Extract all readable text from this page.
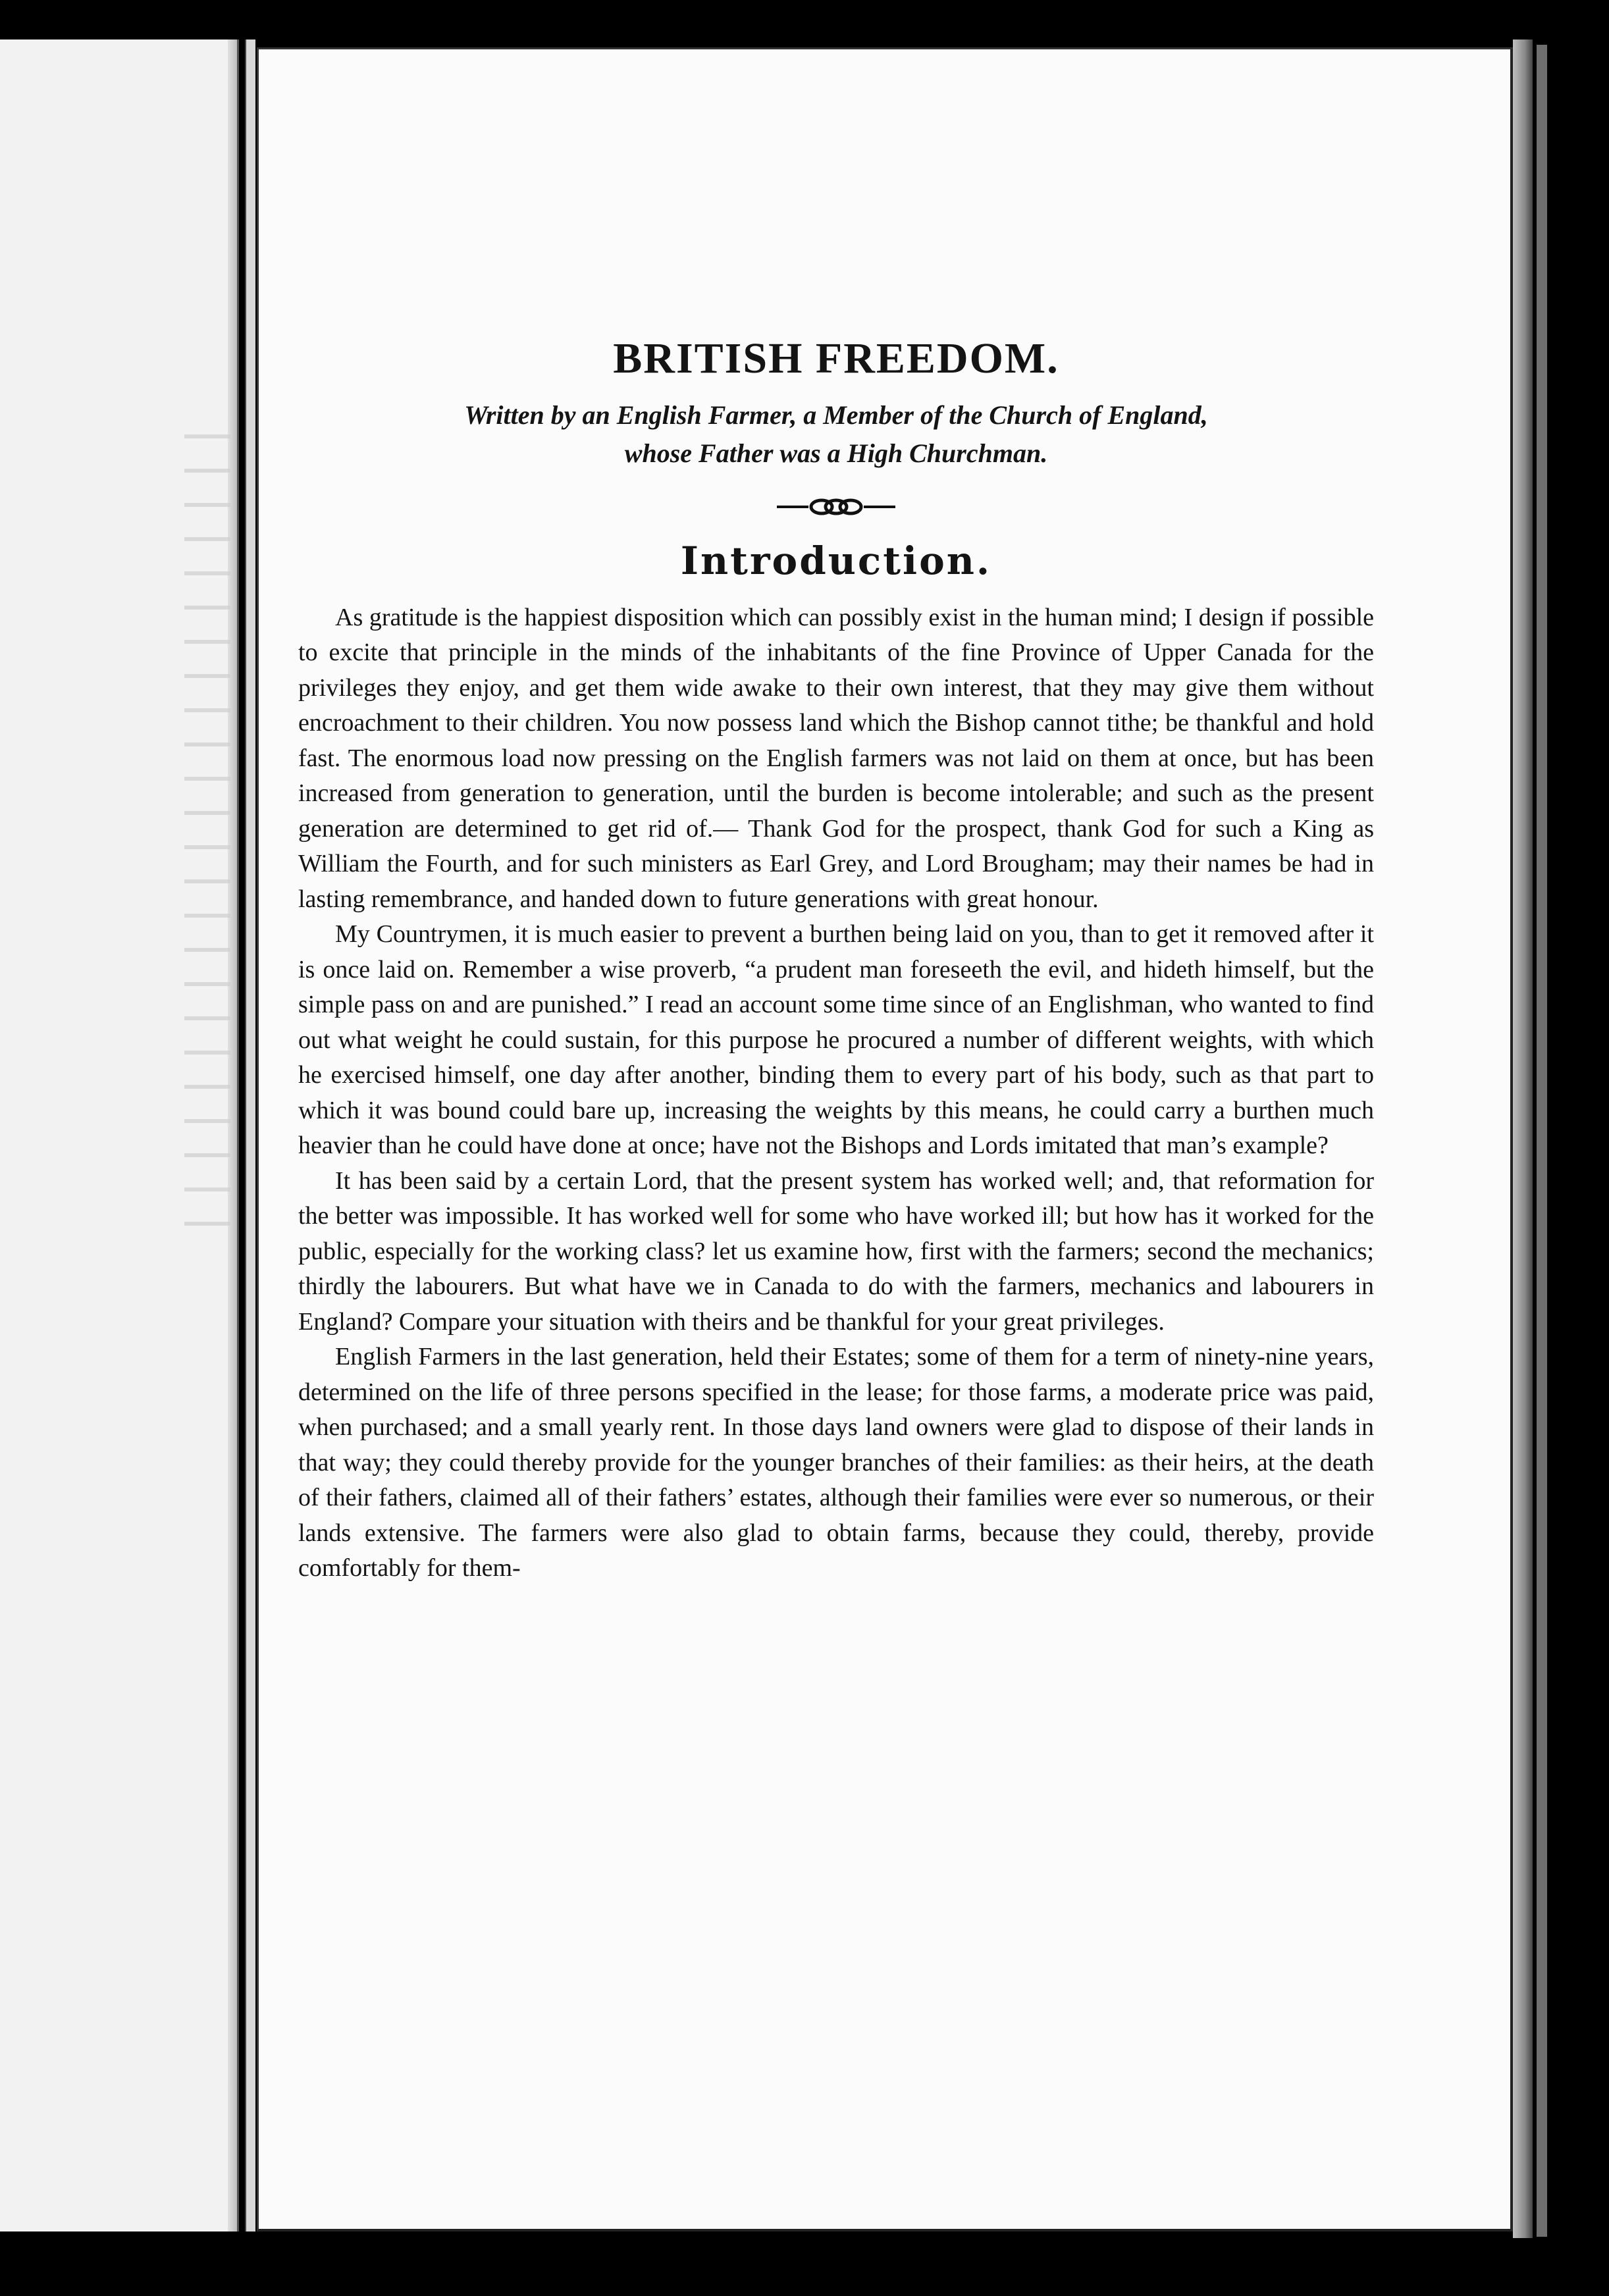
BRITISH FREEDOM.

Written by an English Farmer, a Member of the Church of England,
whose Father was a High Churchman.

Introduction.

As gratitude is the happiest disposition which can possibly exist in the human mind; I design if possible to excite that principle in the minds of the inhabitants of the fine Province of Upper Canada for the privileges they enjoy, and get them wide awake to their own interest, that they may give them without encroachment to their children. You now possess land which the Bishop cannot tithe; be thankful and hold fast. The enormous load now pressing on the English farmers was not laid on them at once, but has been increased from generation to generation, until the burden is become intolerable; and such as the present generation are determined to get rid of.— Thank God for the prospect, thank God for such a King as William the Fourth, and for such ministers as Earl Grey, and Lord Brougham; may their names be had in lasting remembrance, and handed down to future generations with great honour.

My Countrymen, it is much easier to prevent a burthen being laid on you, than to get it removed after it is once laid on. Remember a wise proverb, “a prudent man foreseeth the evil, and hideth himself, but the simple pass on and are punished.” I read an account some time since of an Englishman, who wanted to find out what weight he could sustain, for this purpose he procured a number of different weights, with which he exercised himself, one day after another, binding them to every part of his body, such as that part to which it was bound could bare up, increasing the weights by this means, he could carry a burthen much heavier than he could have done at once; have not the Bishops and Lords imitated that man’s example?

It has been said by a certain Lord, that the present system has worked well; and, that reformation for the better was impossible. It has worked well for some who have worked ill; but how has it worked for the public, especially for the working class? let us examine how, first with the farmers; second the mechanics; thirdly the labourers. But what have we in Canada to do with the farmers, mechanics and labourers in England? Compare your situation with theirs and be thankful for your great privileges.

English Farmers in the last generation, held their Estates; some of them for a term of ninety-nine years, determined on the life of three persons specified in the lease; for those farms, a moderate price was paid, when purchased; and a small yearly rent. In those days land owners were glad to dispose of their lands in that way; they could thereby provide for the younger branches of their families: as their heirs, at the death of their fathers, claimed all of their fathers’ estates, although their families were ever so numerous, or their lands extensive. The farmers were also glad to obtain farms, because they could, thereby, provide comfortably for them-
